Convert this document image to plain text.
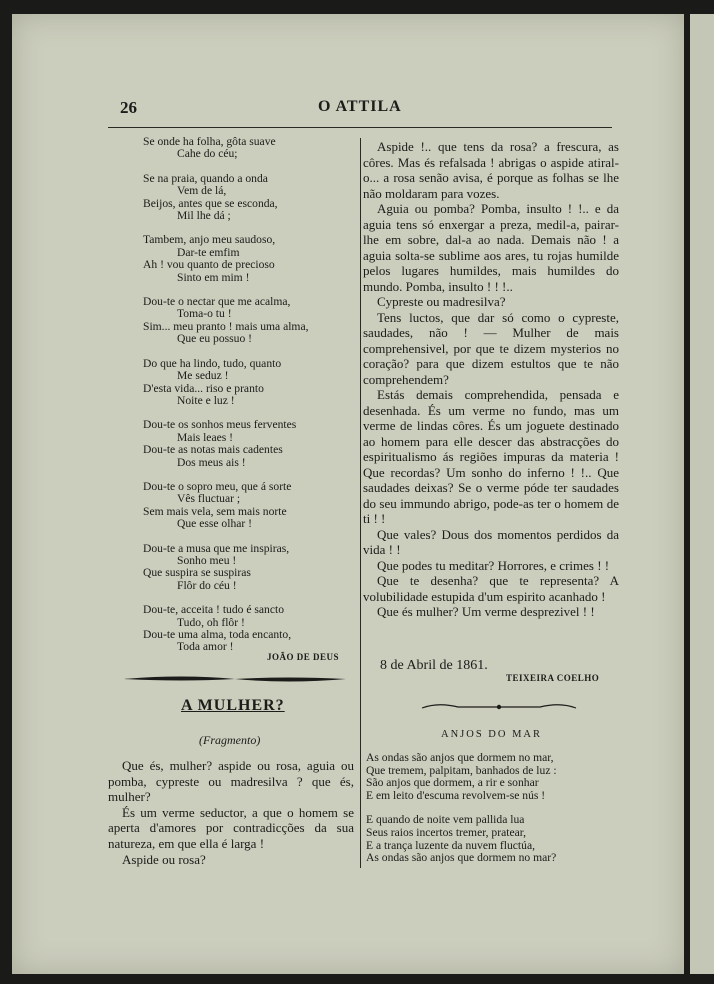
26	O ATTILA
Se onde ha folha, gôta suave
Cahe do céu;
Se na praia, quando a onda
Vem de lá,
Beijos, antes que se esconda,
Mil lhe dá ;
Tambem, anjo meu saudoso,
Dar-te emfim
Ah ! vou quanto de precioso
Sinto em mim !
Dou-te o nectar que me acalma,
Toma-o tu !
Sim... meu pranto ! mais uma alma,
Que eu possuo !
Do que ha lindo, tudo, quanto
Me seduz !
D'esta vida... riso e pranto
Noite e luz !
Dou-te os sonhos meus ferventes
Mais leaes !
Dou-te as notas mais cadentes
Dos meus ais !
Dou-te o sopro meu, que á sorte
Vês fluctuar ;
Sem mais vela, sem mais norte
Que esse olhar !
Dou-te a musa que me inspiras,
Sonho meu !
Que suspira se suspiras
Flôr do céu !
Dou-te, acceita ! tudo é sancto
Tudo, oh flôr !
Dou-te uma alma, toda encanto,
Toda amor !
JOÃO DE DEUS
A MULHER?
(Fragmento)

Que és, mulher? aspide ou rosa, aguia ou pomba, cypreste ou madresilva ? que és, mulher?

És um verme seductor, a que o homem se aperta d'amores por contradicções da sua natureza, em que ella é larga !

Aspide ou rosa?

Aspide !.. que tens da rosa? a frescura, as côres. Mas és refalsada ! abrigas o aspide atiral-o... a rosa senão avisa, é porque as folhas se lhe não moldaram para vozes.

Aguia ou pomba? Pomba, insulto ! !.. e da aguia tens só enxergar a preza, medil-a, pairar-lhe em sobre, dal-a ao nada. Demais não ! a aguia solta-se sublime aos ares, tu rojas humilde pelos lugares humildes, mais humildes do mundo. Pomba, insulto ! ! !..

Cypreste ou madresilva?

Tens luctos, que dar só como o cypreste, saudades, não ! — Mulher de mais comprehensivel, por que te dizem mysterios no coração? para que dizem estultos que te não comprehendem?

Estás demais comprehendida, pensada e desenhada. És um verme no fundo, mas um verme de lindas côres. És um joguete destinado ao homem para elle descer das abstracções do espiritualismo ás regiões impuras da materia ! Que recordas? Um sonho do inferno ! !.. Que saudades deixas? Se o verme póde ter saudades do seu immundo abrigo, pode-as ter o homem de ti ! !

Que vales? Dous dos momentos perdidos da vida ! !

Que podes tu meditar? Horrores, e crimes ! !

Que te desenha? que te representa? A volubilidade estupida d'um espirito acanhado !

Que és mulher? Um verme desprezivel ! !

8 de Abril de 1861.
TEIXEIRA COELHO
ANJOS DO MAR
As ondas são anjos que dormem no mar,
Que tremem, palpitam, banhados de luz :
São anjos que dormem, a rir e sonhar
E em leito d'escuma revolvem-se nús !
E quando de noite vem pallida lua
Seus raios incertos tremer, pratear,
E a trança luzente da nuvem fluctúa,
As ondas são anjos que dormem no mar?
